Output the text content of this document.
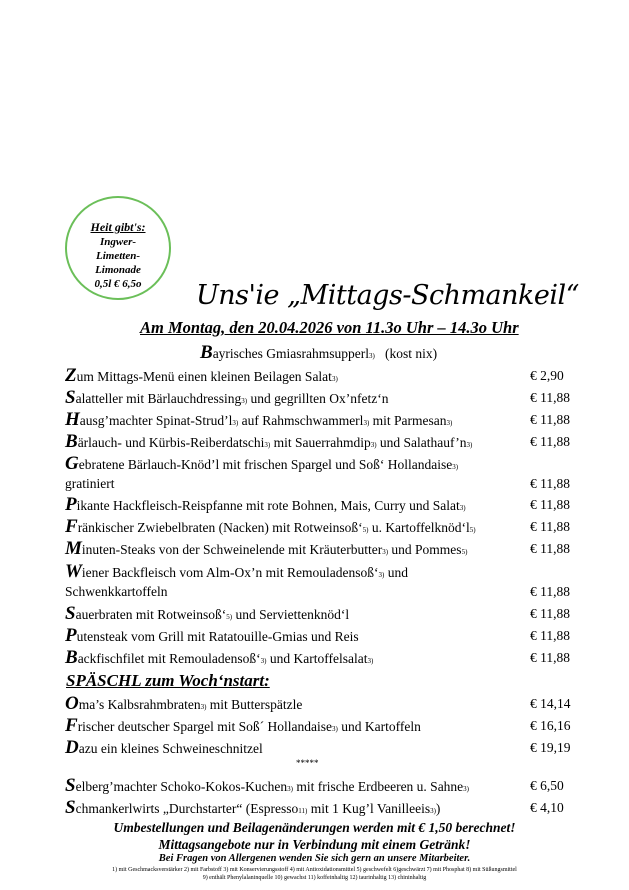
Heit gibt's:
Ingwer-
Limetten-
Limonade
0,5l € 6,5o	Uns'ie „Mittags-Schmankeil“
Am Montag, den 20.04.2026 von 11.3o Uhr – 14.3o Uhr
Bayrisches Gmiasrahmsupperl3) (kost nix)
Zum Mittags-Menü einen kleinen Beilagen Salat3)	€ 2,90
Salatteller mit Bärlauchdressing3) und gegrillten Ox’nfetz‘n	€ 11,88
Hausg’machter Spinat-Strud’l3) auf Rahmschwammerl3) mit Parmesan3)	€ 11,88
Bärlauch- und Kürbis-Reiberdatschi3) mit Sauerrahmdip3) und Salathauf’n3)	€ 11,88
Gebratene Bärlauch-Knöd’l mit frischen Spargel und Soß‘ Hollandaise3)
gratiniert	€ 11,88
Pikante Hackfleisch-Reispfanne mit rote Bohnen, Mais, Curry und Salat3)	€ 11,88
Fränkischer Zwiebelbraten (Nacken) mit Rotweinsoß‘5) u. Kartoffelknöd‘l5)	€ 11,88
Minuten-Steaks von der Schweinelende mit Kräuterbutter3) und Pommes5)	€ 11,88
Wiener Backfleisch vom Alm-Ox’n mit Remouladensoß‘3) und
Schwenkkartoffeln	€ 11,88
Sauerbraten mit Rotweinsoß‘5) und Serviettenknöd‘l	€ 11,88
Putensteak vom Grill mit Ratatouille-Gmias und Reis	€ 11,88
Backfischfilet mit Remouladensoß‘3) und Kartoffelsalat3)	€ 11,88
SPÄSCHL zum Woch‘nstart:
Oma’s Kalbsrahmbraten3) mit Butterspätzle	€ 14,14
Frischer deutscher Spargel mit Soß´ Hollandaise3) und Kartoffeln	€ 16,16
Dazu ein kleines Schweineschnitzel	€ 19,19
*****
Selberg’machter Schoko-Kokos-Kuchen3) mit frische Erdbeeren u. Sahne3)	€ 6,50
Schmankerlwirts „Durchstarter“ (Espresso11) mit 1 Kug’l Vanilleeis3))	€ 4,10
Umbestellungen und Beilagenänderungen werden mit € 1,50 berechnet!
Mittagsangebote nur in Verbindung mit einem Getränk!
Bei Fragen von Allergenen wenden Sie sich gern an unsere Mitarbeiter.
1) mit Geschmacksverstärker 2) mit Farbstoff 3) mit Konservierungsstoff 4) mit Antioxidationsmittel 5) geschwefelt 6)geschwärzt 7) mit Phosphat 8) mit Süßungsmittel
9) enthält Phenylalaninquelle 10) gewachst 11) koffeinhaltig 12) taurinhaltig 13) chininhaltig
